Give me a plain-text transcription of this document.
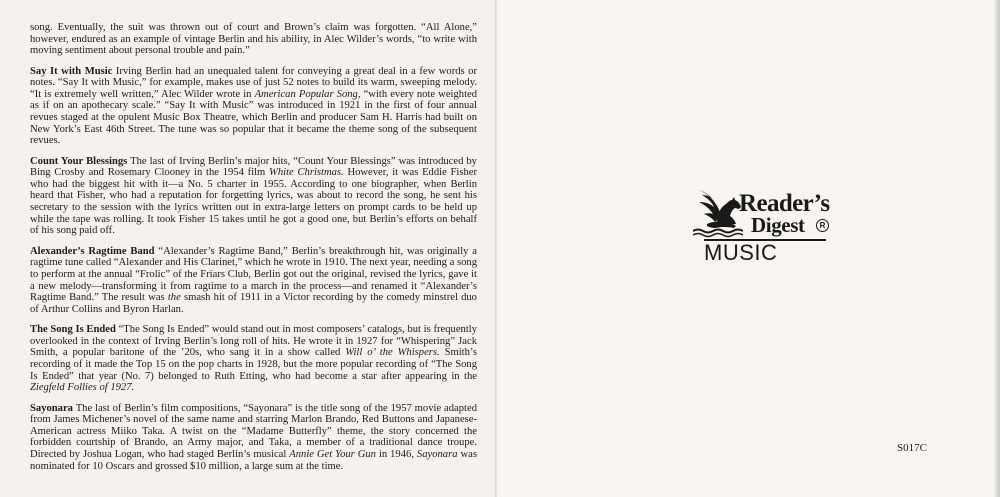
song. Eventually, the suit was thrown out of court and Brown’s claim was forgotten. “All Alone,” however, endured as an example of vintage Berlin and his ability, in Alec Wilder’s words, “to write with moving sentiment about personal trouble and pain.”

Say It with Music Irving Berlin had an unequaled talent for conveying a great deal in a few words or notes. “Say It with Music,” for example, makes use of just 52 notes to build its warm, sweeping melody. “It is extremely well written,” Alec Wilder wrote in American Popular Song, “with every note weighted as if on an apothecary scale.” “Say It with Music” was introduced in 1921 in the first of four annual revues staged at the opulent Music Box Theatre, which Berlin and producer Sam H. Harris had built on New York’s East 46th Street. The tune was so popular that it became the theme song of the subsequent revues.

Count Your Blessings The last of Irving Berlin’s major hits, “Count Your Blessings” was introduced by Bing Crosby and Rosemary Clooney in the 1954 film White Christmas. However, it was Eddie Fisher who had the biggest hit with it—a No. 5 charter in 1955. According to one biographer, when Berlin heard that Fisher, who had a reputation for forgetting lyrics, was about to record the song, he sent his secretary to the session with the lyrics written out in extra-large letters on prompt cards to be held up while the tape was rolling. It took Fisher 15 takes until he got a good one, but Berlin’s efforts on behalf of his song paid off.

Alexander’s Ragtime Band “Alexander’s Ragtime Band,” Berlin’s breakthrough hit, was originally a ragtime tune called “Alexander and His Clarinet,” which he wrote in 1910. The next year, needing a song to perform at the annual “Frolic” of the Friars Club, Berlin got out the original, revised the lyrics, gave it a new melody—transforming it from ragtime to a march in the process—and renamed it “Alexander’s Ragtime Band.” The result was the smash hit of 1911 in a Victor recording by the comedy minstrel duo of Arthur Collins and Byron Harlan.

The Song Is Ended “The Song Is Ended” would stand out in most composers’ catalogs, but is frequently overlooked in the context of Irving Berlin’s long roll of hits. He wrote it in 1927 for “Whispering” Jack Smith, a popular baritone of the ’20s, who sang it in a show called Will o’ the Whispers. Smith’s recording of it made the Top 15 on the pop charts in 1928, but the more popular recording of “The Song Is Ended” that year (No. 7) belonged to Ruth Etting, who had become a star after appearing in the Ziegfeld Follies of 1927.

Sayonara The last of Berlin’s film compositions, “Sayonara” is the title song of the 1957 movie adapted from James Michener’s novel of the same name and starring Marlon Brando, Red Buttons and Japanese-American actress Miiko Taka. A twist on the “Madame Butterfly” theme, the story concerned the forbidden courtship of Brando, an Army major, and Taka, a member of a traditional dance troupe. Directed by Joshua Logan, who had staged Berlin’s musical Annie Get Your Gun in 1946, Sayonara was nominated for 10 Oscars and grossed $10 million, a large sum at the time.

Reader’s
Digest	R
MUSIC
S017C
